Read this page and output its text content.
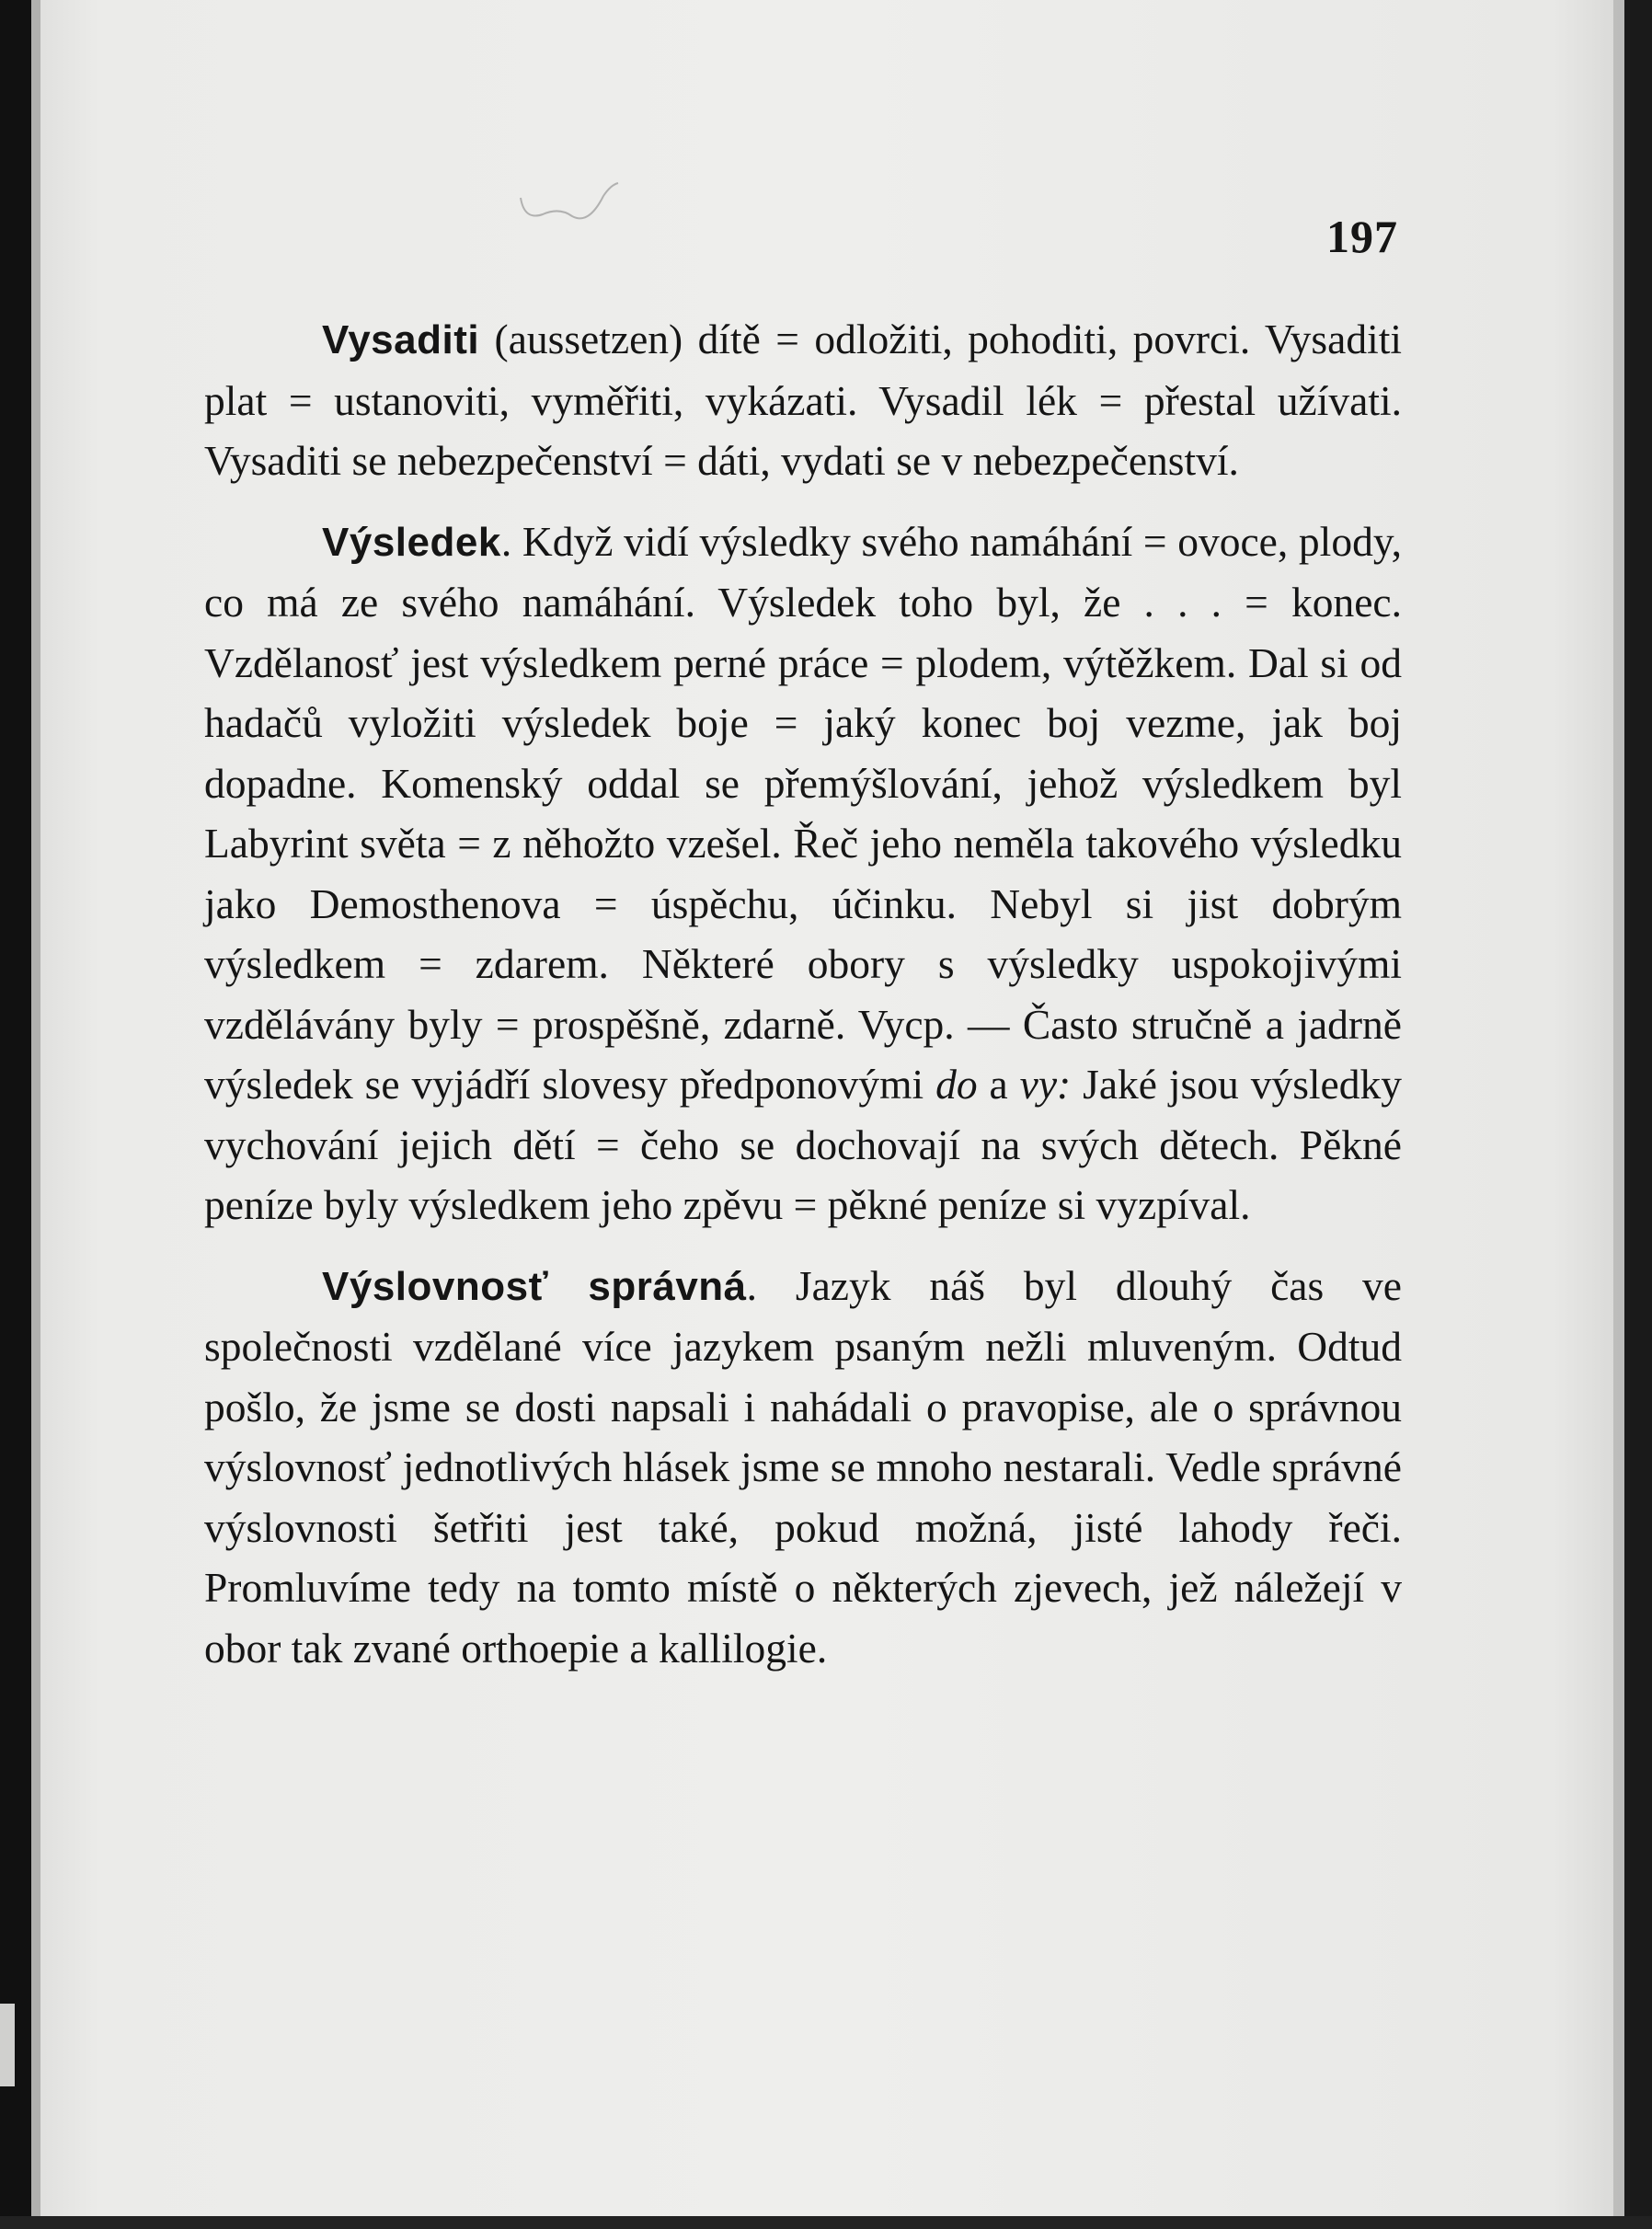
197

Vysaditi (aussetzen) dítě = odložiti, pohoditi, povrci. Vysaditi plat = ustanoviti, vyměřiti, vykázati. Vysadil lék = přestal užívati. Vysaditi se nebezpečenství = dáti, vydati se v nebezpečenství.

Výsledek. Když vidí výsledky svého namáhání = ovoce, plody, co má ze svého namáhání. Výsledek toho byl, že . . . = konec. Vzdělanosť jest výsledkem perné práce = plodem, výtěžkem. Dal si od hadačů vyložiti výsledek boje = jaký konec boj vezme, jak boj dopadne. Komenský oddal se přemýšlování, jehož výsledkem byl Labyrint světa = z něhožto vzešel. Řeč jeho neměla takového výsledku jako Demosthenova = úspěchu, účinku. Nebyl si jist dobrým výsledkem = zdarem. Některé obory s výsledky uspokojivými vzdělávány byly = prospěšně, zdarně. Vycp. — Často stručně a jadrně výsledek se vyjádří slovesy předponovými do a vy: Jaké jsou výsledky vychování jejich dětí = čeho se dochovají na svých dětech. Pěkné peníze byly výsledkem jeho zpěvu = pěkné peníze si vyzpíval.

Výslovnosť správná. Jazyk náš byl dlouhý čas ve společnosti vzdělané více jazykem psaným nežli mluveným. Odtud pošlo, že jsme se dosti napsali i nahádali o pravopise, ale o správnou výslovnosť jednotlivých hlásek jsme se mnoho nestarali. Vedle správné výslovnosti šetřiti jest také, pokud možná, jisté lahody řeči. Promluvíme tedy na tomto místě o některých zjevech, jež náležejí v obor tak zvané orthoepie a kallilogie.
